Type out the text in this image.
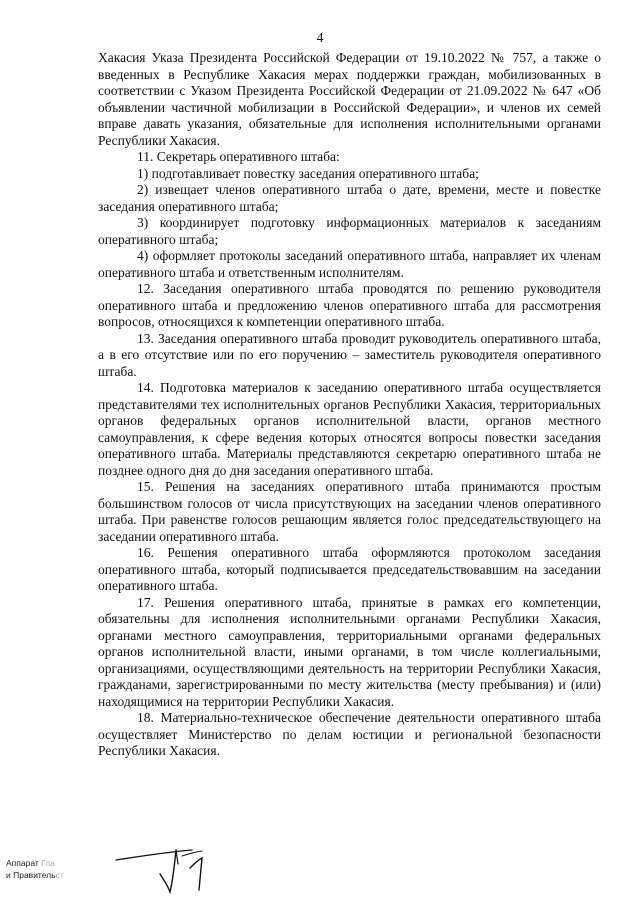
4

Хакасия Указа Президента Российской Федерации от 19.10.2022 № 757, а также о введенных в Республике Хакасия мерах поддержки граждан, мобилизованных в соответствии с Указом Президента Российской Федерации от 21.09.2022 № 647 «Об объявлении частичной мобилизации в Российской Федерации», и членов их семей вправе давать указания, обязательные для исполнения исполнительными органами Республики Хакасия.

11. Секретарь оперативного штаба:

1) подготавливает повестку заседания оперативного штаба;

2) извещает членов оперативного штаба о дате, времени, месте и повестке заседания оперативного штаба;

3) координирует подготовку информационных материалов к заседаниям оперативного штаба;

4) оформляет протоколы заседаний оперативного штаба, направляет их членам оперативного штаба и ответственным исполнителям.

12. Заседания оперативного штаба проводятся по решению руководителя оперативного штаба и предложению членов оперативного штаба для рассмотрения вопросов, относящихся к компетенции оперативного штаба.

13. Заседания оперативного штаба проводит руководитель оперативного штаба, а в его отсутствие или по его поручению – заместитель руководителя оперативного штаба.

14. Подготовка материалов к заседанию оперативного штаба осуществляется представителями тех исполнительных органов Республики Хакасия, территориальных органов федеральных органов исполнительной власти, органов местного самоуправления, к сфере ведения которых относятся вопросы повестки заседания оперативного штаба. Материалы представляются секретарю оперативного штаба не позднее одного дня до дня заседания оперативного штаба.

15. Решения на заседаниях оперативного штаба принимаются простым большинством голосов от числа присутствующих на заседании членов оперативного штаба. При равенстве голосов решающим является голос председательствующего на заседании оперативного штаба.

16. Решения оперативного штаба оформляются протоколом заседания оперативного штаба, который подписывается председательствовавшим на заседании оперативного штаба.

17. Решения оперативного штаба, принятые в рамках его компетенции, обязательны для исполнения исполнительными органами Республики Хакасия, органами местного самоуправления, территориальными органами федеральных органов исполнительной власти, иными органами, в том числе коллегиальными, организациями, осуществляющими деятельность на территории Республики Хакасия, гражданами, зарегистрированными по месту жительства (месту пребывания) и (или) находящимися на территории Республики Хакасия.

18. Материально-техническое обеспечение деятельности оперативного штаба осуществляет Министерство по делам юстиции и региональной безопасности Республики Хакасия.

Аппарат Гла
и Правительст
